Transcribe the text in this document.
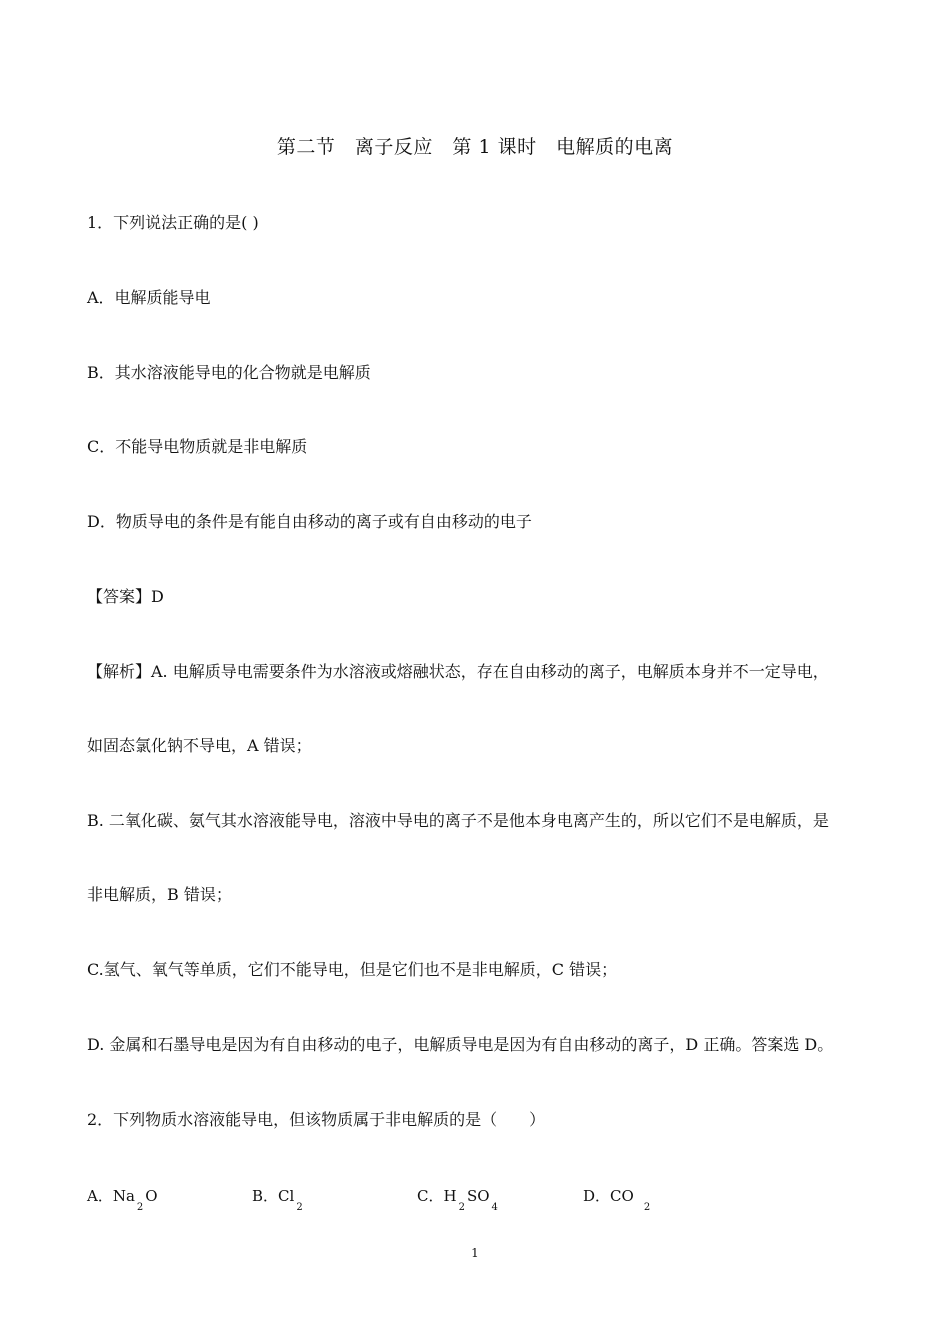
第二节　离子反应　第 1 课时　电解质的电离
1．下列说法正确的是( )
A．电解质能导电
B．其水溶液能导电的化合物就是电解质
C．不能导电物质就是非电解质
D．物质导电的条件是有能自由移动的离子或有自由移动的电子
【答案】D
【解析】A. 电解质导电需要条件为水溶液或熔融状态，存在自由移动的离子，电解质本身并不一定导电，
如固态氯化钠不导电，A 错误；
B. 二氧化碳、氨气其水溶液能导电，溶液中导电的离子不是他本身电离产生的，所以它们不是电解质，是
非电解质，B 错误；
C.氢气、氧气等单质，它们不能导电，但是它们也不是非电解质，C 错误；
D. 金属和石墨导电是因为有自由移动的电子，电解质导电是因为有自由移动的离子，D 正确。答案选 D。
2．下列物质水溶液能导电，但该物质属于非电解质的是（　　）
A．$Na_2O$	B．$Cl_2$
C．$H_2SO_4$
D．$CO_2$
1
